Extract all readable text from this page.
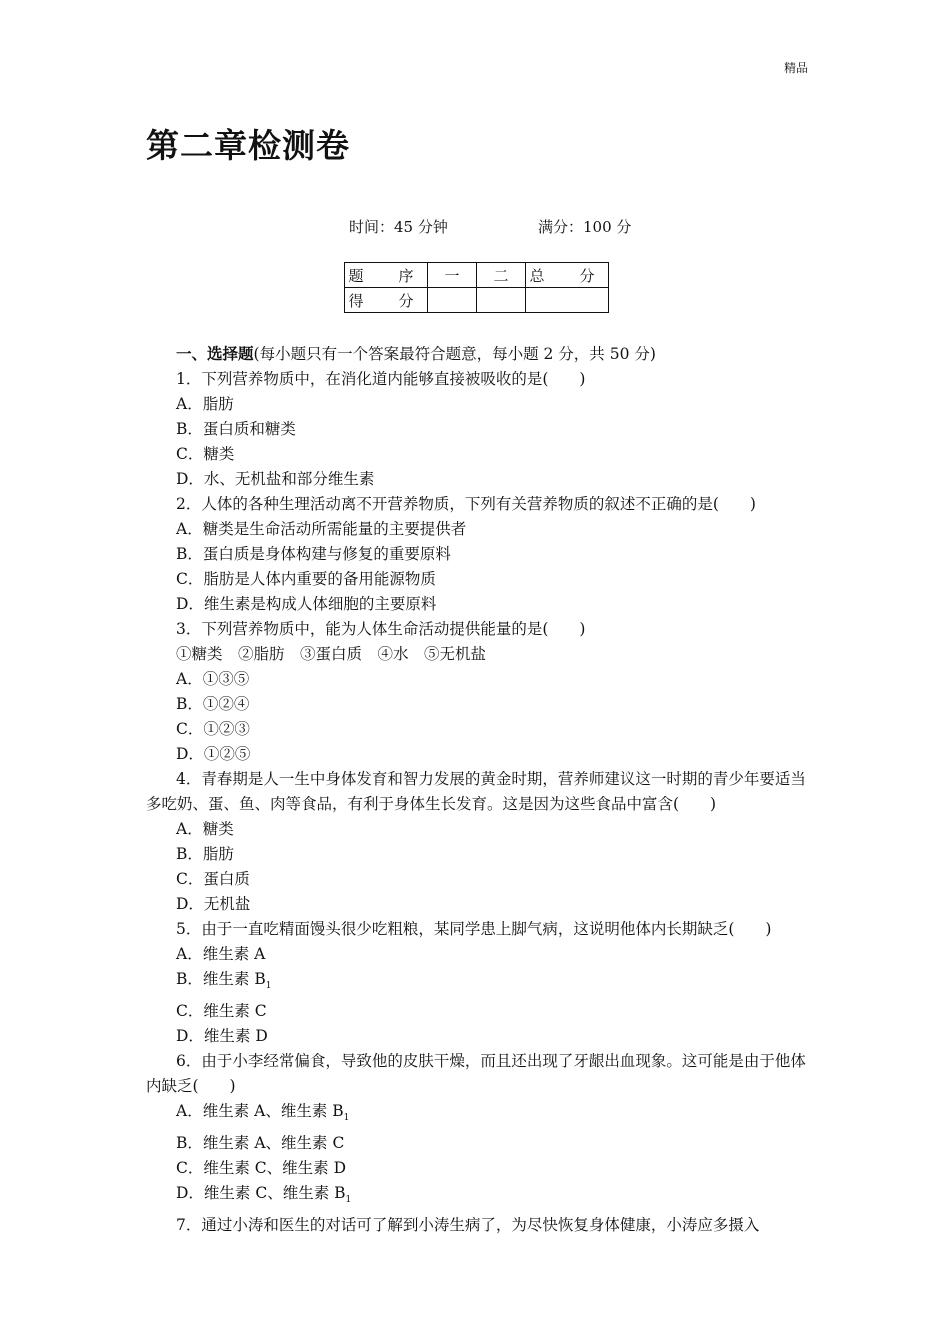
精品
第二章检测卷
时间：45 分钟	满分：100 分
题　序	一	二	总　分
得　分			
一、选择题(每小题只有一个答案最符合题意，每小题 2 分，共 50 分)
1．下列营养物质中，在消化道内能够直接被吸收的是(　　)
A．脂肪
B．蛋白质和糖类
C．糖类
D．水、无机盐和部分维生素
2．人体的各种生理活动离不开营养物质，下列有关营养物质的叙述不正确的是(　　)
A．糖类是生命活动所需能量的主要提供者
B．蛋白质是身体构建与修复的重要原料
C．脂肪是人体内重要的备用能源物质
D．维生素是构成人体细胞的主要原料
3．下列营养物质中，能为人体生命活动提供能量的是(　　)
①糖类　②脂肪　③蛋白质　④水　⑤无机盐
A．①③⑤
B．①②④
C．①②③
D．①②⑤
4．青春期是人一生中身体发育和智力发展的黄金时期，营养师建议这一时期的青少年要适当多吃奶、蛋、鱼、肉等食品，有利于身体生长发育。这是因为这些食品中富含(　　)
A．糖类
B．脂肪
C．蛋白质
D．无机盐
5．由于一直吃精面馒头很少吃粗粮，某同学患上脚气病，这说明他体内长期缺乏(　　)
A．维生素 A
B．维生素 $B_1$
C．维生素 C
D．维生素 D
6．由于小李经常偏食，导致他的皮肤干燥，而且还出现了牙龈出血现象。这可能是由于他体内缺乏(　　)
A．维生素 A、维生素 $B_1$
B．维生素 A、维生素 C
C．维生素 C、维生素 D
D．维生素 C、维生素 $B_1$
7．通过小涛和医生的对话可了解到小涛生病了，为尽快恢复身体健康，小涛应多摄入
